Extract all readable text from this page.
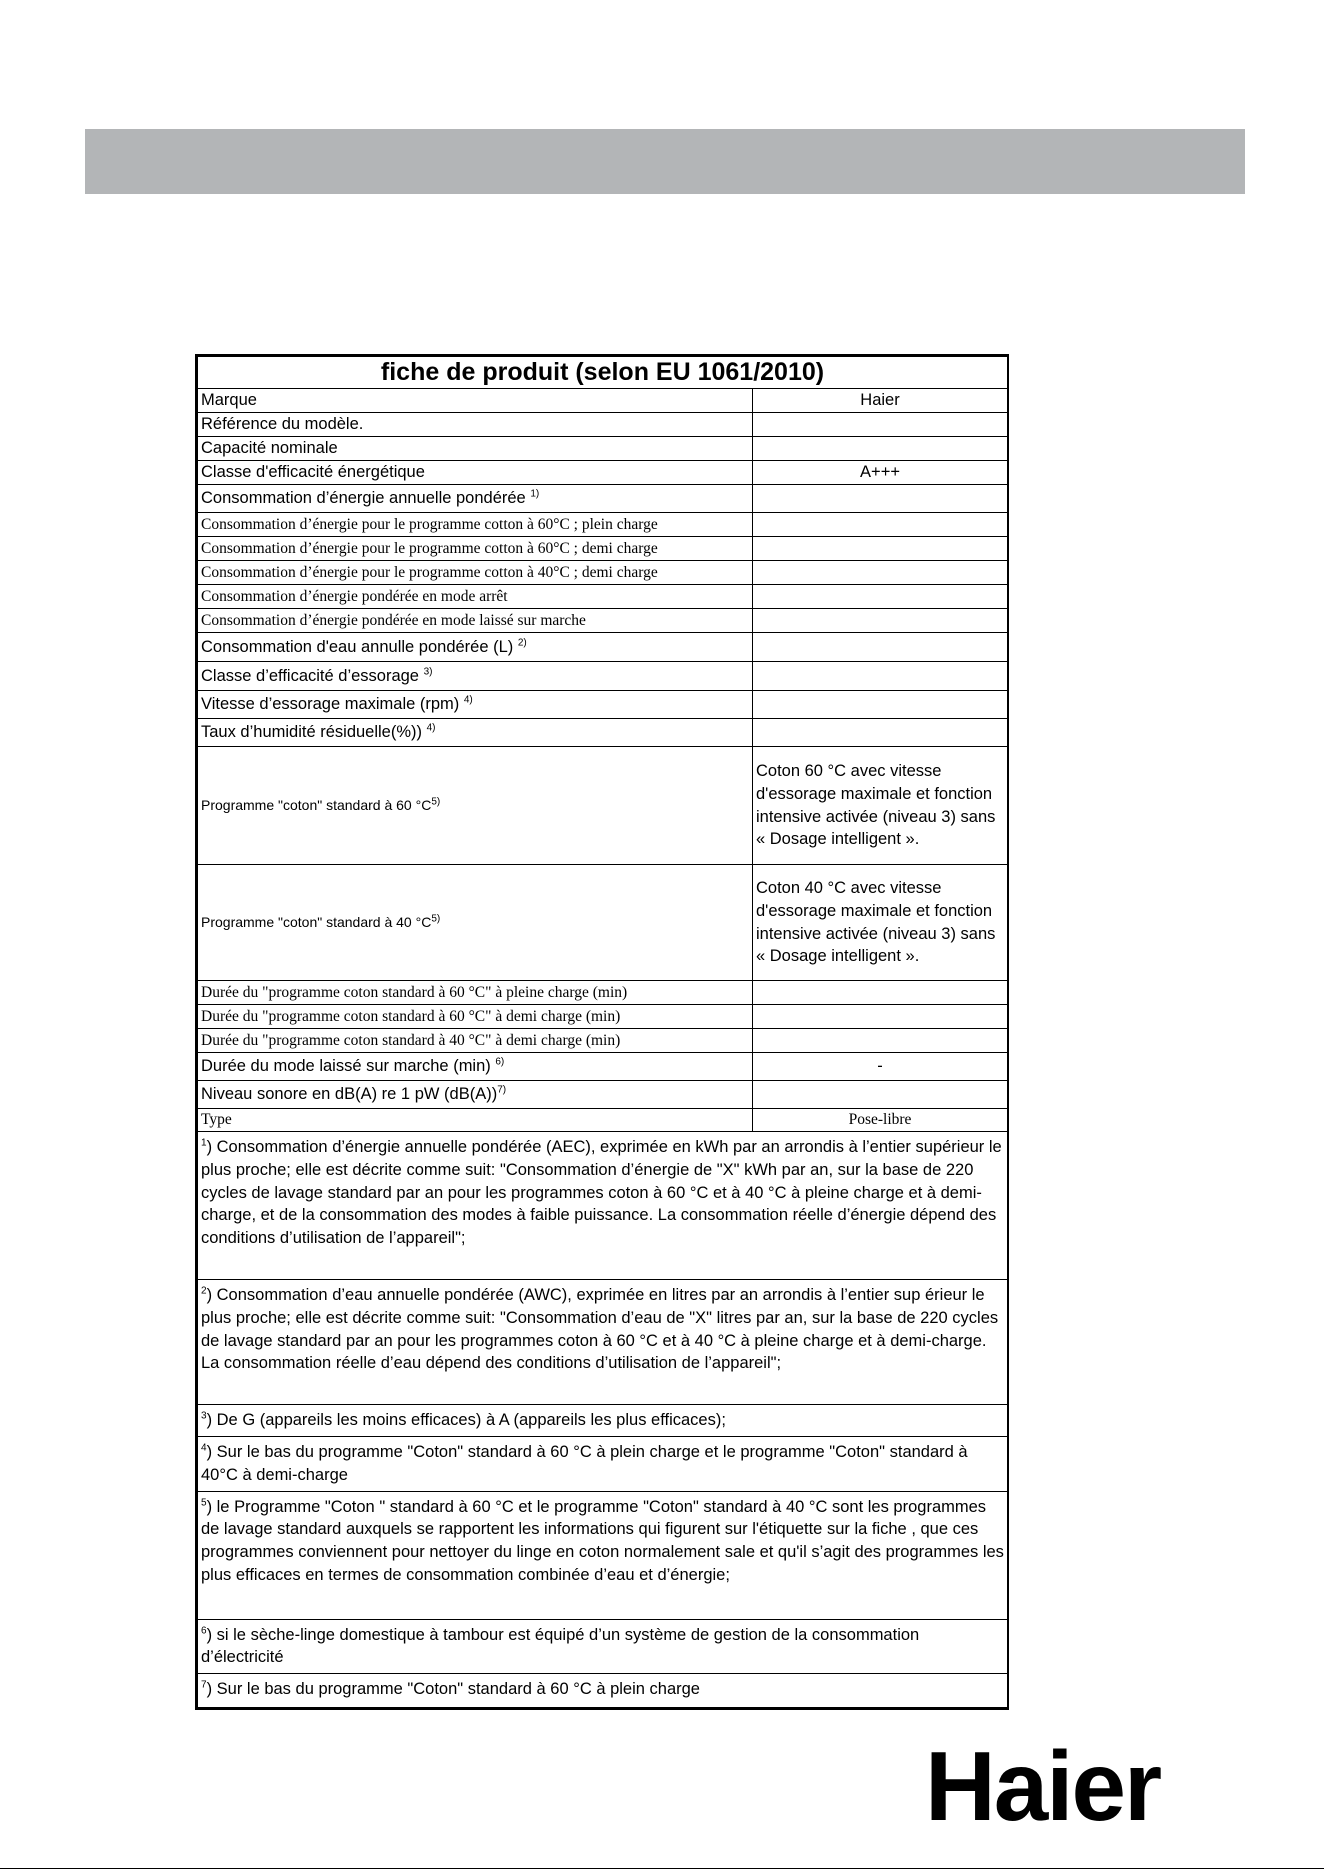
fiche de produit (selon EU 1061/2010)	
Marque	Haier
Référence du modèle.	
Capacité nominale	
Classe d'efficacité énergétique	A+++
Consommation d’énergie annuelle pondérée $^{1)}$	
Consommation d’énergie pour le programme cotton à 60°C ; plein charge	
Consommation d’énergie pour le programme cotton à 60°C ; demi charge	
Consommation d’énergie pour le programme cotton à 40°C ; demi charge	
Consommation d’énergie pondérée en mode arrêt	
Consommation d’énergie pondérée en mode laissé sur marche	
Consommation d'eau annulle pondérée (L) $^{2)}$	
Classe d’efficacité d’essorage $^{3)}$	
Vitesse d’essorage maximale (rpm) $^{4)}$	
Taux d’humidité résiduelle(%)) $^{4)}$	
Programme "coton" standard à 60 $^\circ C^{5)}$	Coton 60 °C avec vitesse d'essorage maximale et fonction intensive activée (niveau 3) sans « Dosage intelligent ».
Programme "coton" standard à 40 $^\circ C^{5)}$	Coton 40 °C avec vitesse d'essorage maximale et fonction intensive activée (niveau 3) sans « Dosage intelligent ».
Durée du "programme coton standard à 60 °C" à pleine charge (min)	
Durée du "programme coton standard à 60 °C" à demi charge (min)	
Durée du "programme coton standard à 40 °C" à demi charge (min)	
Durée du mode laissé sur marche (min) $^{6)}$	-
Niveau sonore en dB(A) re 1 pW $(dB(A))^{7)}$	
Type	Pose-libre
$^1$) Consommation d’énergie annuelle pondérée (AEC), exprimée en kWh par an arrondis à l’entier supérieur le plus proche; elle est décrite comme suit: "Consommation d’énergie de "X" kWh par an, sur la base de 220 cycles de lavage standard par an pour les programmes coton à 60 °C et à 40 °C à pleine charge et à demi-charge, et de la consommation des modes à faible puissance. La consommation réelle d’énergie dépend des conditions d’utilisation de l’appareil";	
$^2$) Consommation d’eau annuelle pondérée (AWC), exprimée en litres par an arrondis à l’entier sup érieur le plus proche; elle est décrite comme suit: "Consommation d’eau de "X" litres par an, sur la base de 220 cycles de lavage standard par an pour les programmes coton à 60 °C et à 40 °C à pleine charge et à demi-charge. La consommation réelle d’eau dépend des conditions d’utilisation de l’appareil";	
$^3$) De G (appareils les moins efficaces) à A (appareils les plus efficaces);	
$^4$) Sur le bas du programme "Coton" standard à 60 °C à plein charge et le programme "Coton" standard à 40°C à demi-charge	
$^5$) le Programme "Coton " standard à 60 °C et le programme "Coton" standard à 40 °C sont les programmes de lavage standard auxquels se rapportent les informations qui figurent sur l'étiquette sur la fiche , que ces programmes conviennent pour nettoyer du linge en coton normalement sale et qu'il s’agit des programmes les plus efficaces en termes de consommation combinée d’eau et d’énergie;	
$^6$) si le sèche-linge domestique à tambour est équipé d’un système de gestion de la consommation d’électricité	
$^7$) Sur le bas du programme "Coton" standard à 60 °C à plein charge	
Haier
